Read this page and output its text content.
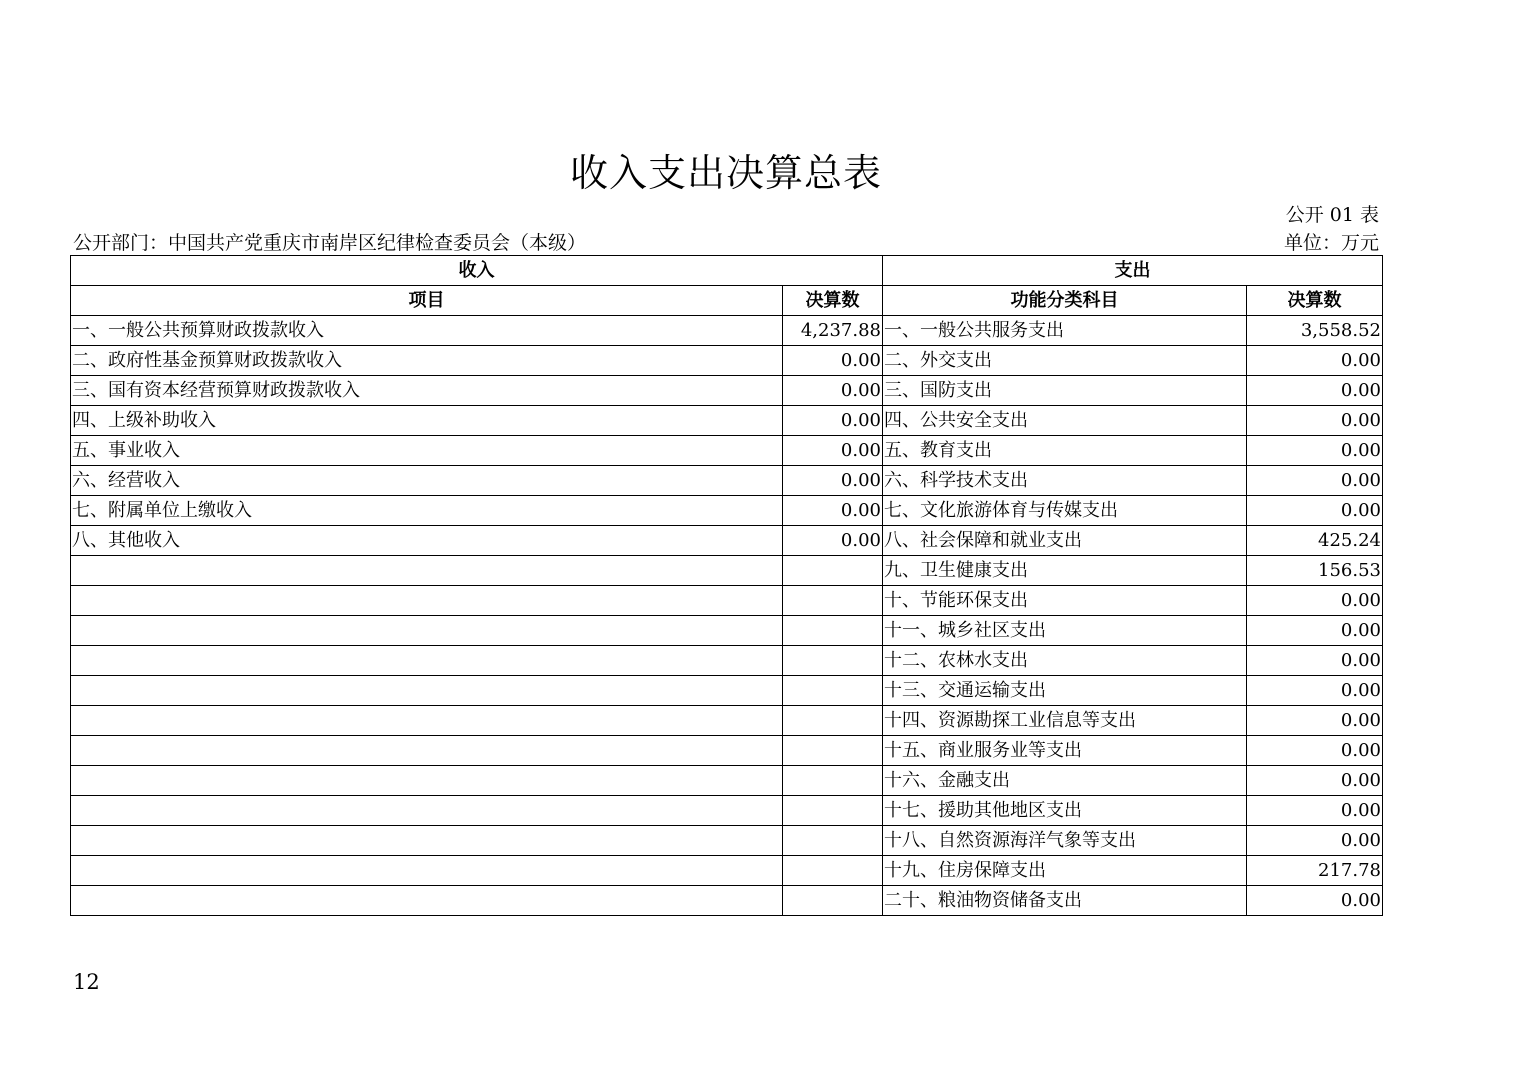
收入支出决算总表
公开 01 表
公开部门：中国共产党重庆市南岸区纪律检查委员会（本级）	单位：万元
收入		支出	
项目	决算数	功能分类科目	决算数
一、一般公共预算财政拨款收入	4,237.88	一、一般公共服务支出	3,558.52
二、政府性基金预算财政拨款收入	0.00	二、外交支出	0.00
三、国有资本经营预算财政拨款收入	0.00	三、国防支出	0.00
四、上级补助收入	0.00	四、公共安全支出	0.00
五、事业收入	0.00	五、教育支出	0.00
六、经营收入	0.00	六、科学技术支出	0.00
七、附属单位上缴收入	0.00	七、文化旅游体育与传媒支出	0.00
八、其他收入	0.00	八、社会保障和就业支出	425.24
		九、卫生健康支出	156.53
		十、节能环保支出	0.00
		十一、城乡社区支出	0.00
		十二、农林水支出	0.00
		十三、交通运输支出	0.00
		十四、资源勘探工业信息等支出	0.00
		十五、商业服务业等支出	0.00
		十六、金融支出	0.00
		十七、援助其他地区支出	0.00
		十八、自然资源海洋气象等支出	0.00
		十九、住房保障支出	217.78
		二十、粮油物资储备支出	0.00
12
